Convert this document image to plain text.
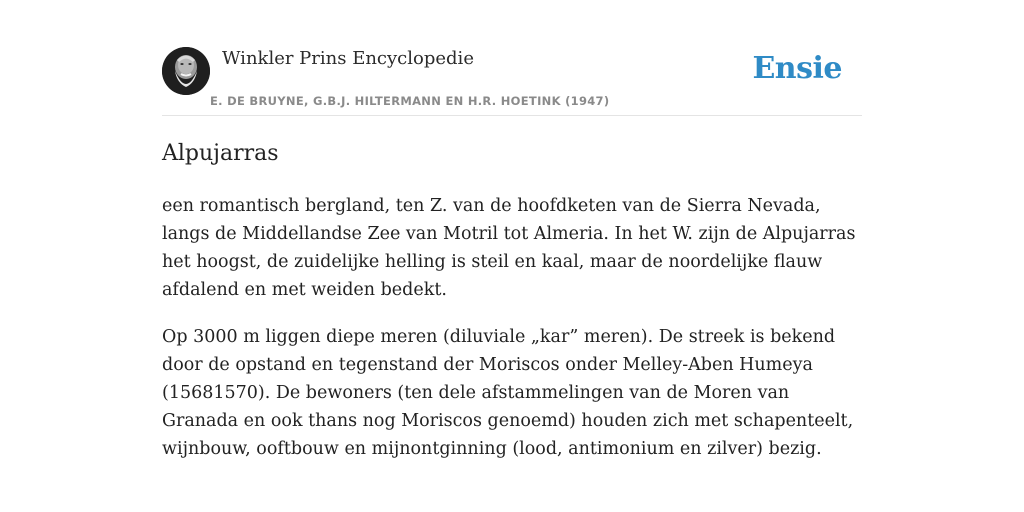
Winkler Prins Encyclopedie
E. DE BRUYNE, G.B.J. HILTERMANN EN H.R. HOETINK (1947)
Ensie
Alpujarras

een romantisch bergland, ten Z. van de hoofdketen van de Sierra Nevada, langs de Middellandse Zee van Motril tot Almeria. In het W. zijn de Alpujarras het hoogst, de zuidelijke helling is steil en kaal, maar de noordelijke flauw afdalend en met weiden bedekt.

Op 3000 m liggen diepe meren (diluviale „kar” meren). De streek is bekend door de opstand en tegenstand der Moriscos onder Melley-Aben Humeya (15681570). De bewoners (ten dele afstammelingen van de Moren van Granada en ook thans nog Moriscos genoemd) houden zich met schapenteelt, wijnbouw, ooftbouw en mijnontginning (lood, antimonium en zilver) bezig.
